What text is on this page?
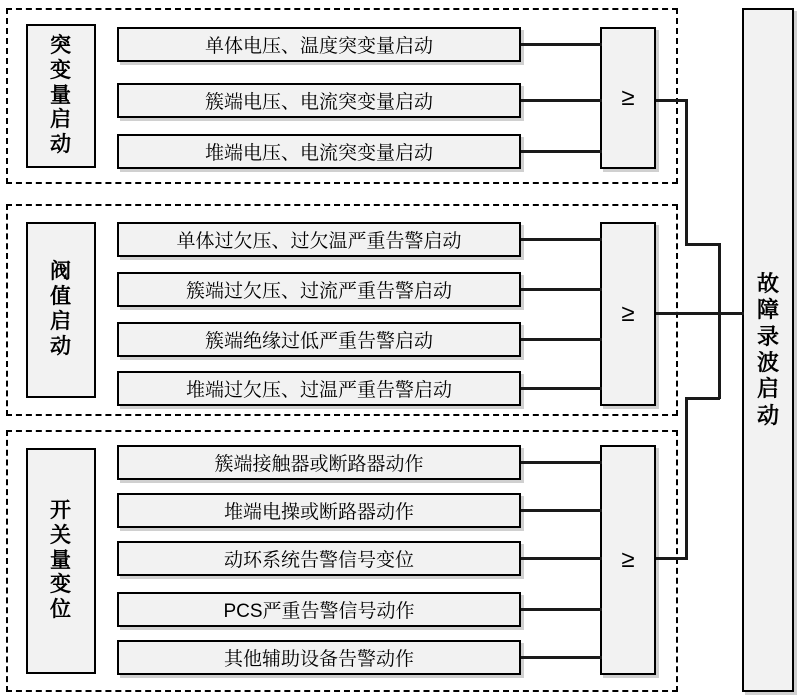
突变量启动
单体电压、温度突变量启动
簇端电压、电流突变量启动
堆端电压、电流突变量启动
≥
阀值启动
单体过欠压、过欠温严重告警启动
簇端过欠压、过流严重告警启动
簇端绝缘过低严重告警启动
堆端过欠压、过温严重告警启动
≥
开关量变位
簇端接触器或断路器动作
堆端电操或断路器动作
动环系统告警信号变位
PCS严重告警信号动作
其他辅助设备告警动作
≥
故障录波启动
